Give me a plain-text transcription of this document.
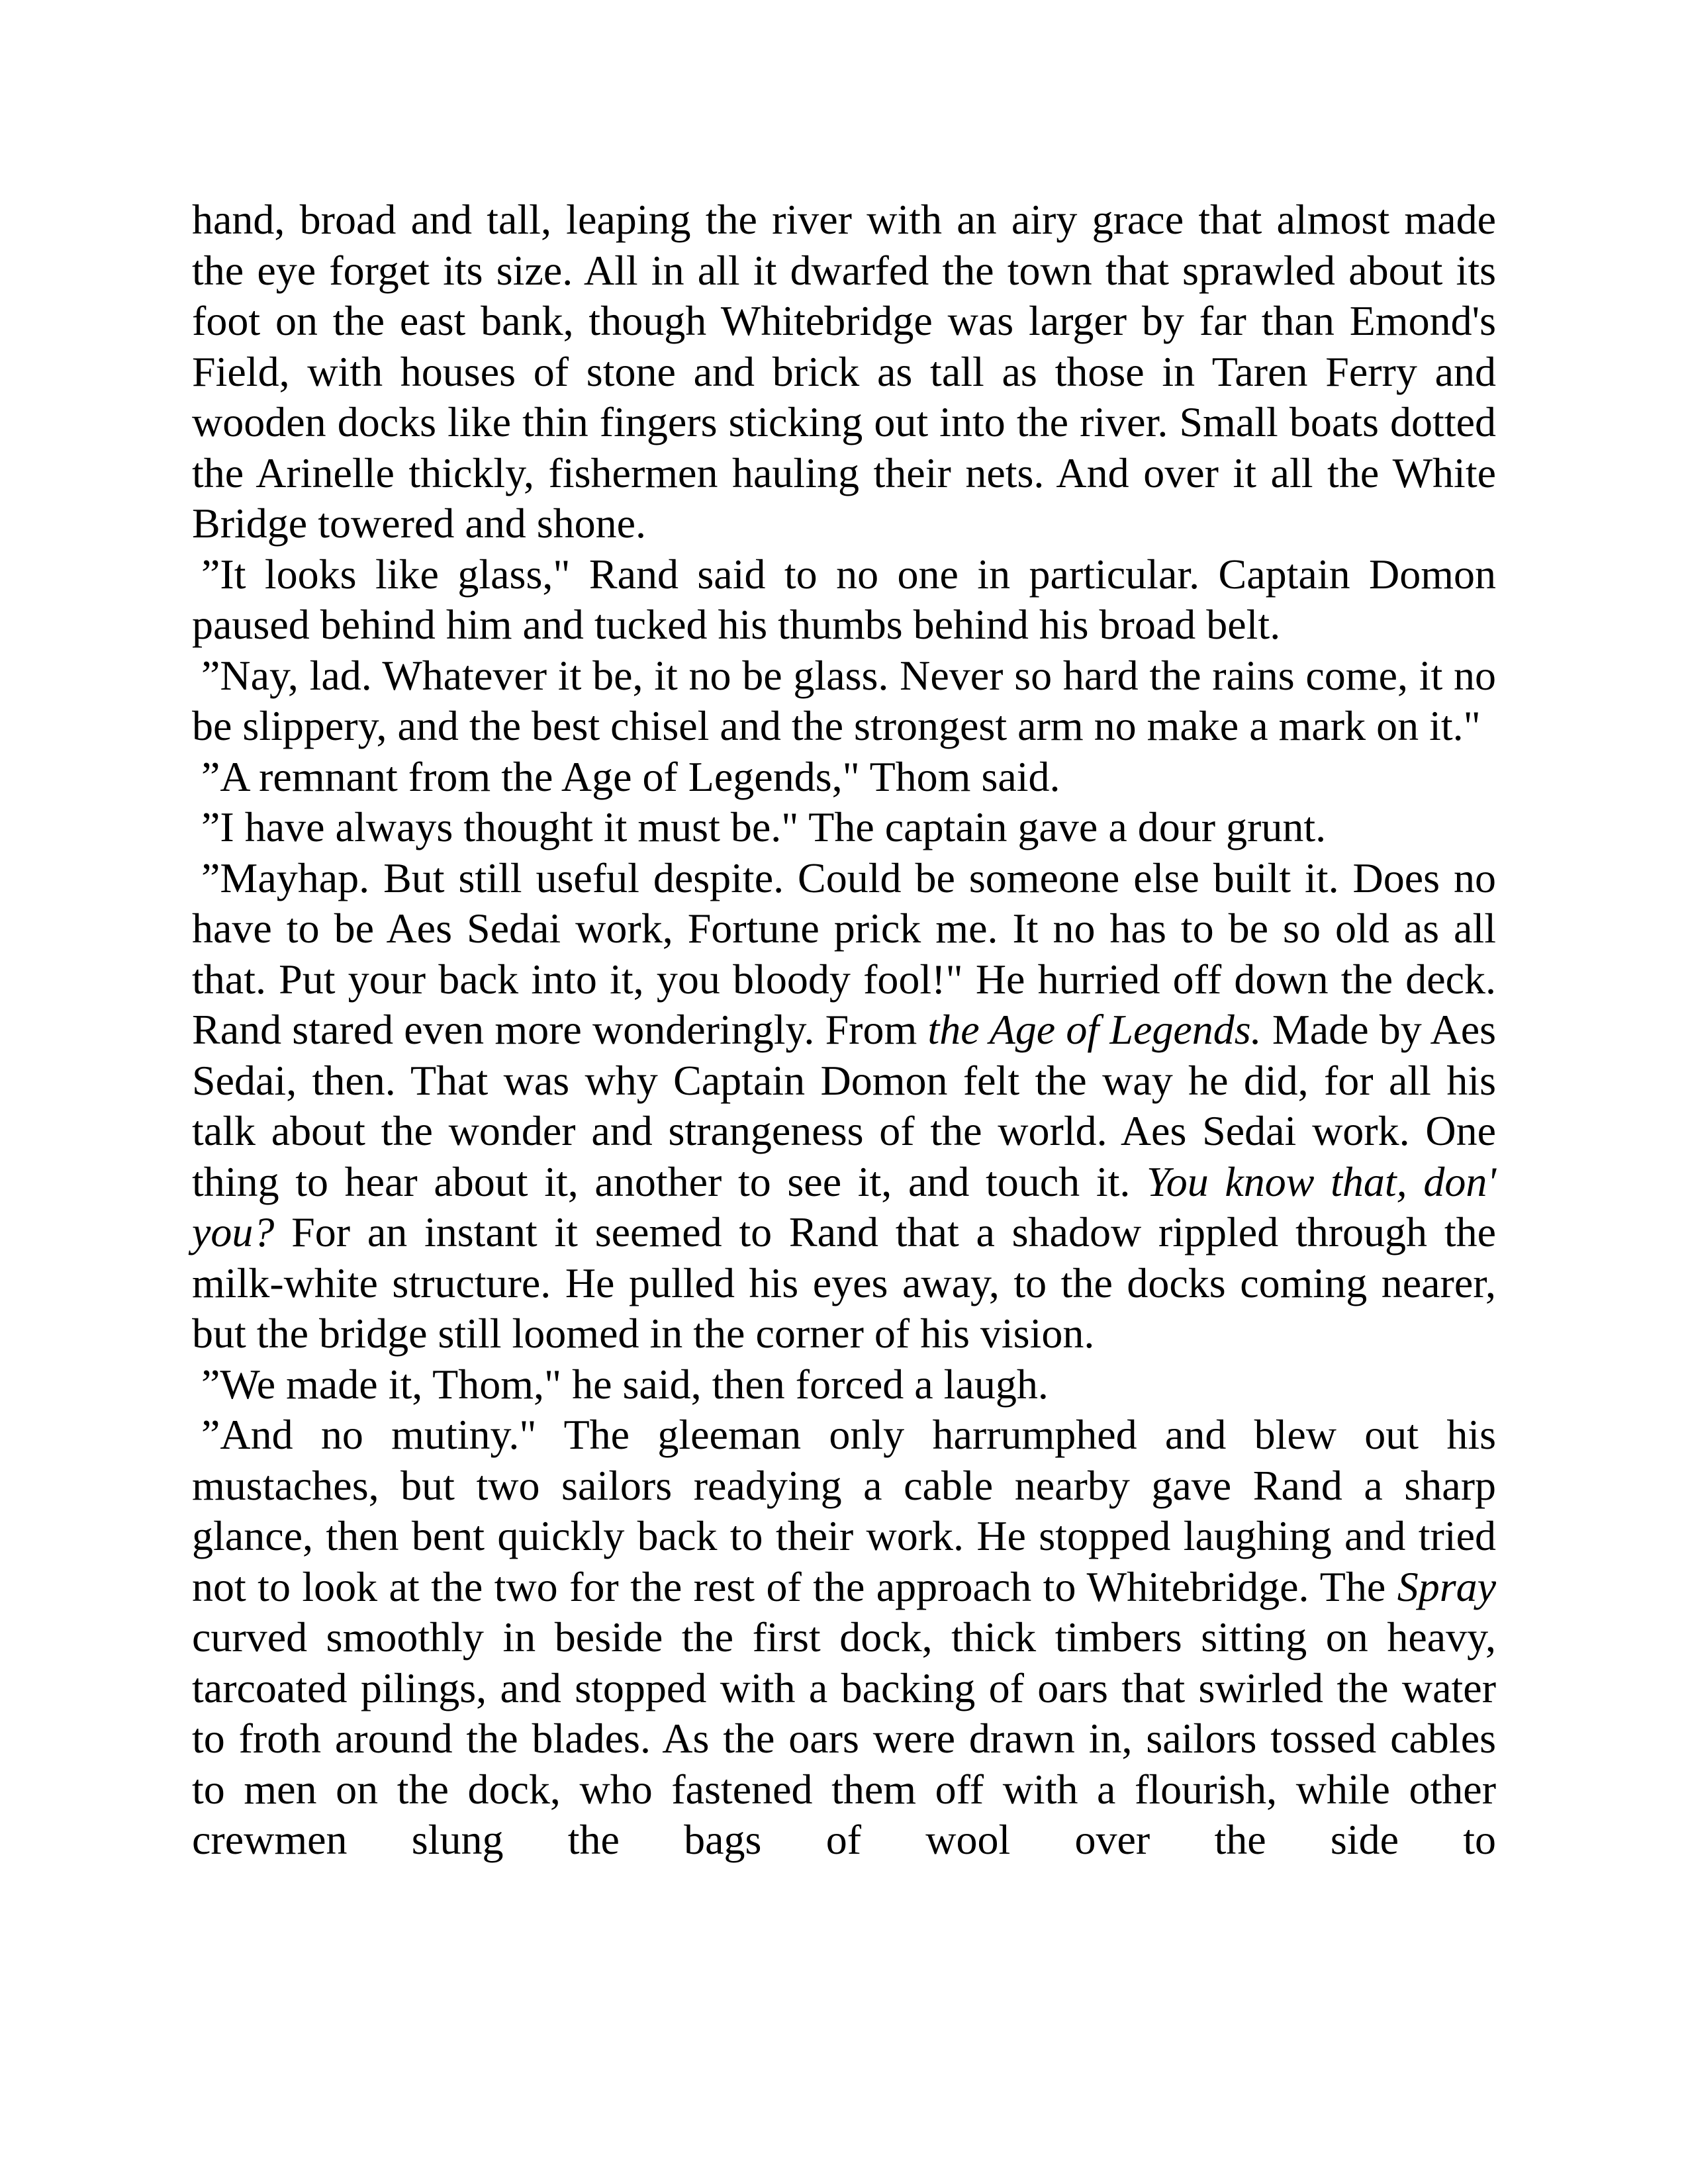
hand, broad and tall, leaping the river with an airy grace that almost made the eye forget its size. All in all it dwarfed the town that sprawled about its foot on the east bank, though Whitebridge was larger by far than Emond's Field, with houses of stone and brick as tall as those in Taren Ferry and wooden docks like thin fingers sticking out into the river. Small boats dotted the Arinelle thickly, fishermen hauling their nets. And over it all the White Bridge towered and shone.

”It looks like glass," Rand said to no one in particular. Captain Domon paused behind him and tucked his thumbs behind his broad belt.

”Nay, lad. Whatever it be, it no be glass. Never so hard the rains come, it no be slippery, and the best chisel and the strongest arm no make a mark on it."

”A remnant from the Age of Legends," Thom said.

”I have always thought it must be." The captain gave a dour grunt.

”Mayhap. But still useful despite. Could be someone else built it. Does no have to be Aes Sedai work, Fortune prick me. It no has to be so old as all that. Put your back into it, you bloody fool!" He hurried off down the deck. Rand stared even more wonderingly. From the Age of Legends. Made by Aes Sedai, then. That was why Captain Domon felt the way he did, for all his talk about the wonder and strangeness of the world. Aes Sedai work. One thing to hear about it, another to see it, and touch it. You know that, don' you? For an instant it seemed to Rand that a shadow rippled through the milk-white structure. He pulled his eyes away, to the docks coming nearer, but the bridge still loomed in the corner of his vision.

”We made it, Thom," he said, then forced a laugh.

”And no mutiny." The gleeman only harrumphed and blew out his mustaches, but two sailors readying a cable nearby gave Rand a sharp glance, then bent quickly back to their work. He stopped laughing and tried not to look at the two for the rest of the approach to Whitebridge. The Spray curved smoothly in beside the first dock, thick timbers sitting on heavy, tarcoated pilings, and stopped with a backing of oars that swirled the water to froth around the blades. As the oars were drawn in, sailors tossed cables to men on the dock, who fastened them off with a flourish, while other crewmen slung the bags of wool over the side to
